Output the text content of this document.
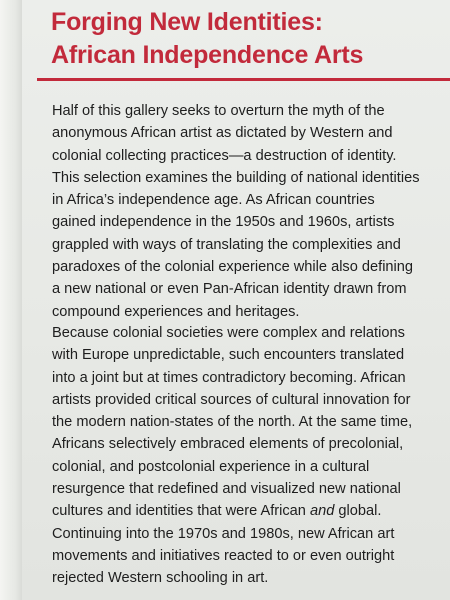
Forging New Identities:
African Independence Arts
Half of this gallery seeks to overturn the myth of the
anonymous African artist as dictated by Western and
colonial collecting practices—a destruction of identity.
This selection examines the building of national identities
in Africa’s independence age. As African countries
gained independence in the 1950s and 1960s, artists
grappled with ways of translating the complexities and
paradoxes of the colonial experience while also defining
a new national or even Pan-African identity drawn from
compound experiences and heritages.
Because colonial societies were complex and relations
with Europe unpredictable, such encounters translated
into a joint but at times contradictory becoming. African
artists provided critical sources of cultural innovation for
the modern nation-states of the north. At the same time,
Africans selectively embraced elements of precolonial,
colonial, and postcolonial experience in a cultural
resurgence that redefined and visualized new national
cultures and identities that were African and global.
Continuing into the 1970s and 1980s, new African art
movements and initiatives reacted to or even outright
rejected Western schooling in art.
